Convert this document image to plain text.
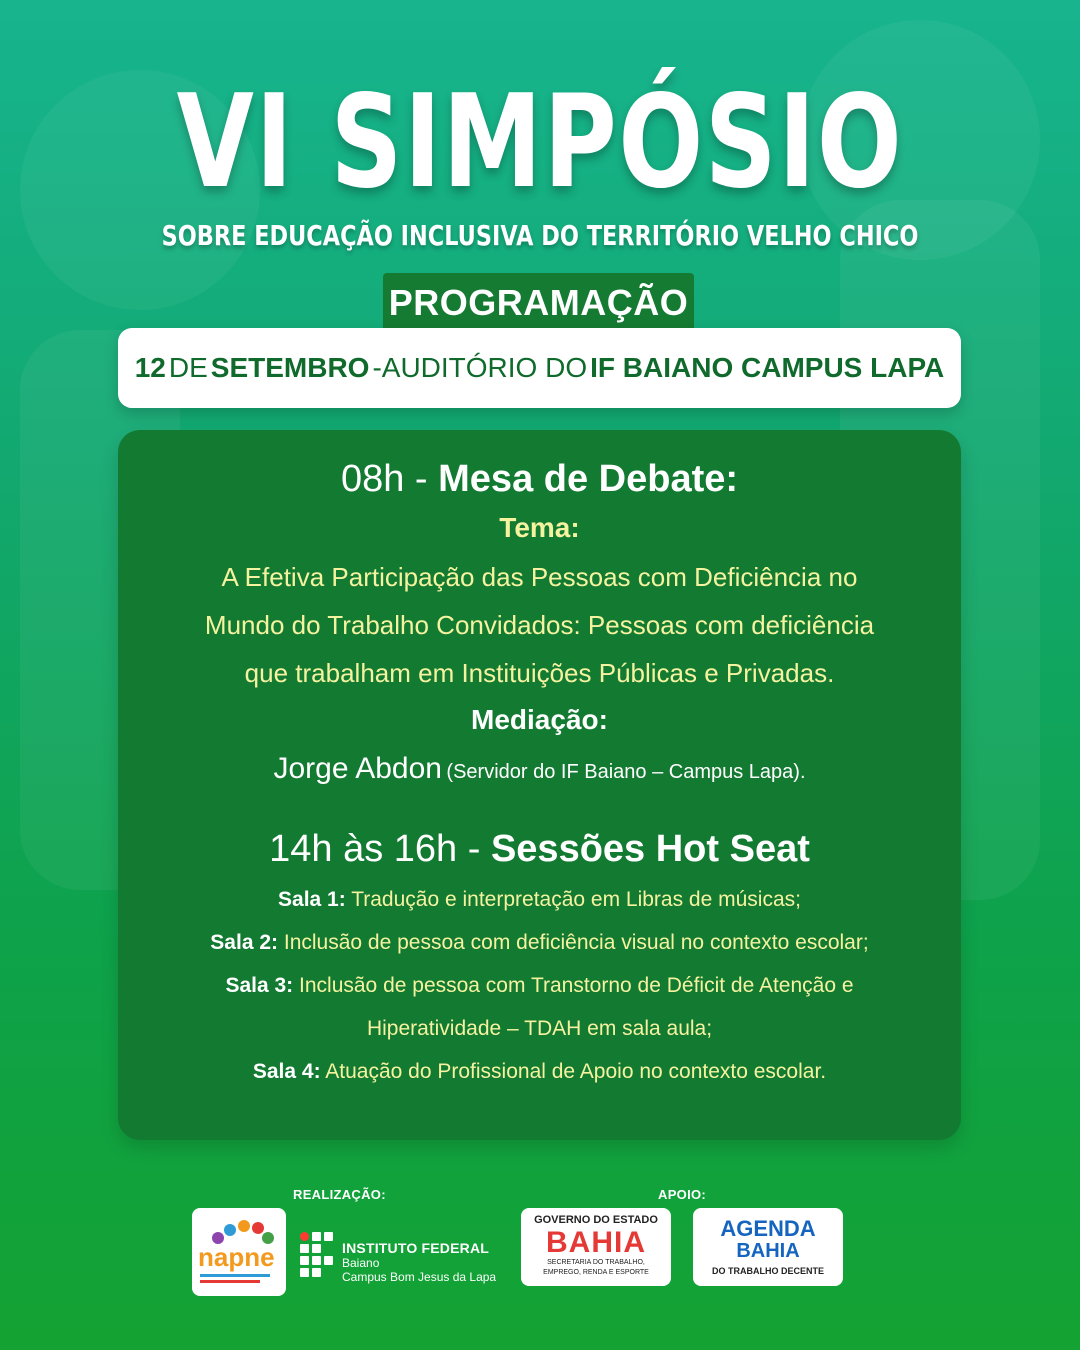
VI SIMPÓSIO
SOBRE EDUCAÇÃO INCLUSIVA DO TERRITÓRIO VELHO CHICO
PROGRAMAÇÃO
12 DE SETEMBRO -AUDITÓRIO DO IF BAIANO CAMPUS LAPA
08h - Mesa de Debate:
Tema:
A Efetiva Participação das Pessoas com Deficiência no
Mundo do Trabalho Convidados: Pessoas com deficiência
que trabalham em Instituições Públicas e Privadas.
Mediação:
Jorge Abdon (Servidor do IF Baiano – Campus Lapa).
14h às 16h - Sessões Hot Seat
Sala 1: Tradução e interpretação em Libras de músicas;
Sala 2: Inclusão de pessoa com deficiência visual no contexto escolar;
Sala 3: Inclusão de pessoa com Transtorno de Déficit de Atenção e
Hiperatividade – TDAH em sala aula;
Sala 4: Atuação do Profissional de Apoio no contexto escolar.
REALIZAÇÃO:	APOIO:
napne	INSTITUTO FEDERAL
Baiano
Campus Bom Jesus da Lapa
GOVERNO DO ESTADO
BAHIA
SECRETARIA DO TRABALHO,
EMPREGO, RENDA E ESPORTE
AGENDA
BAHIA
DO TRABALHO DECENTE
